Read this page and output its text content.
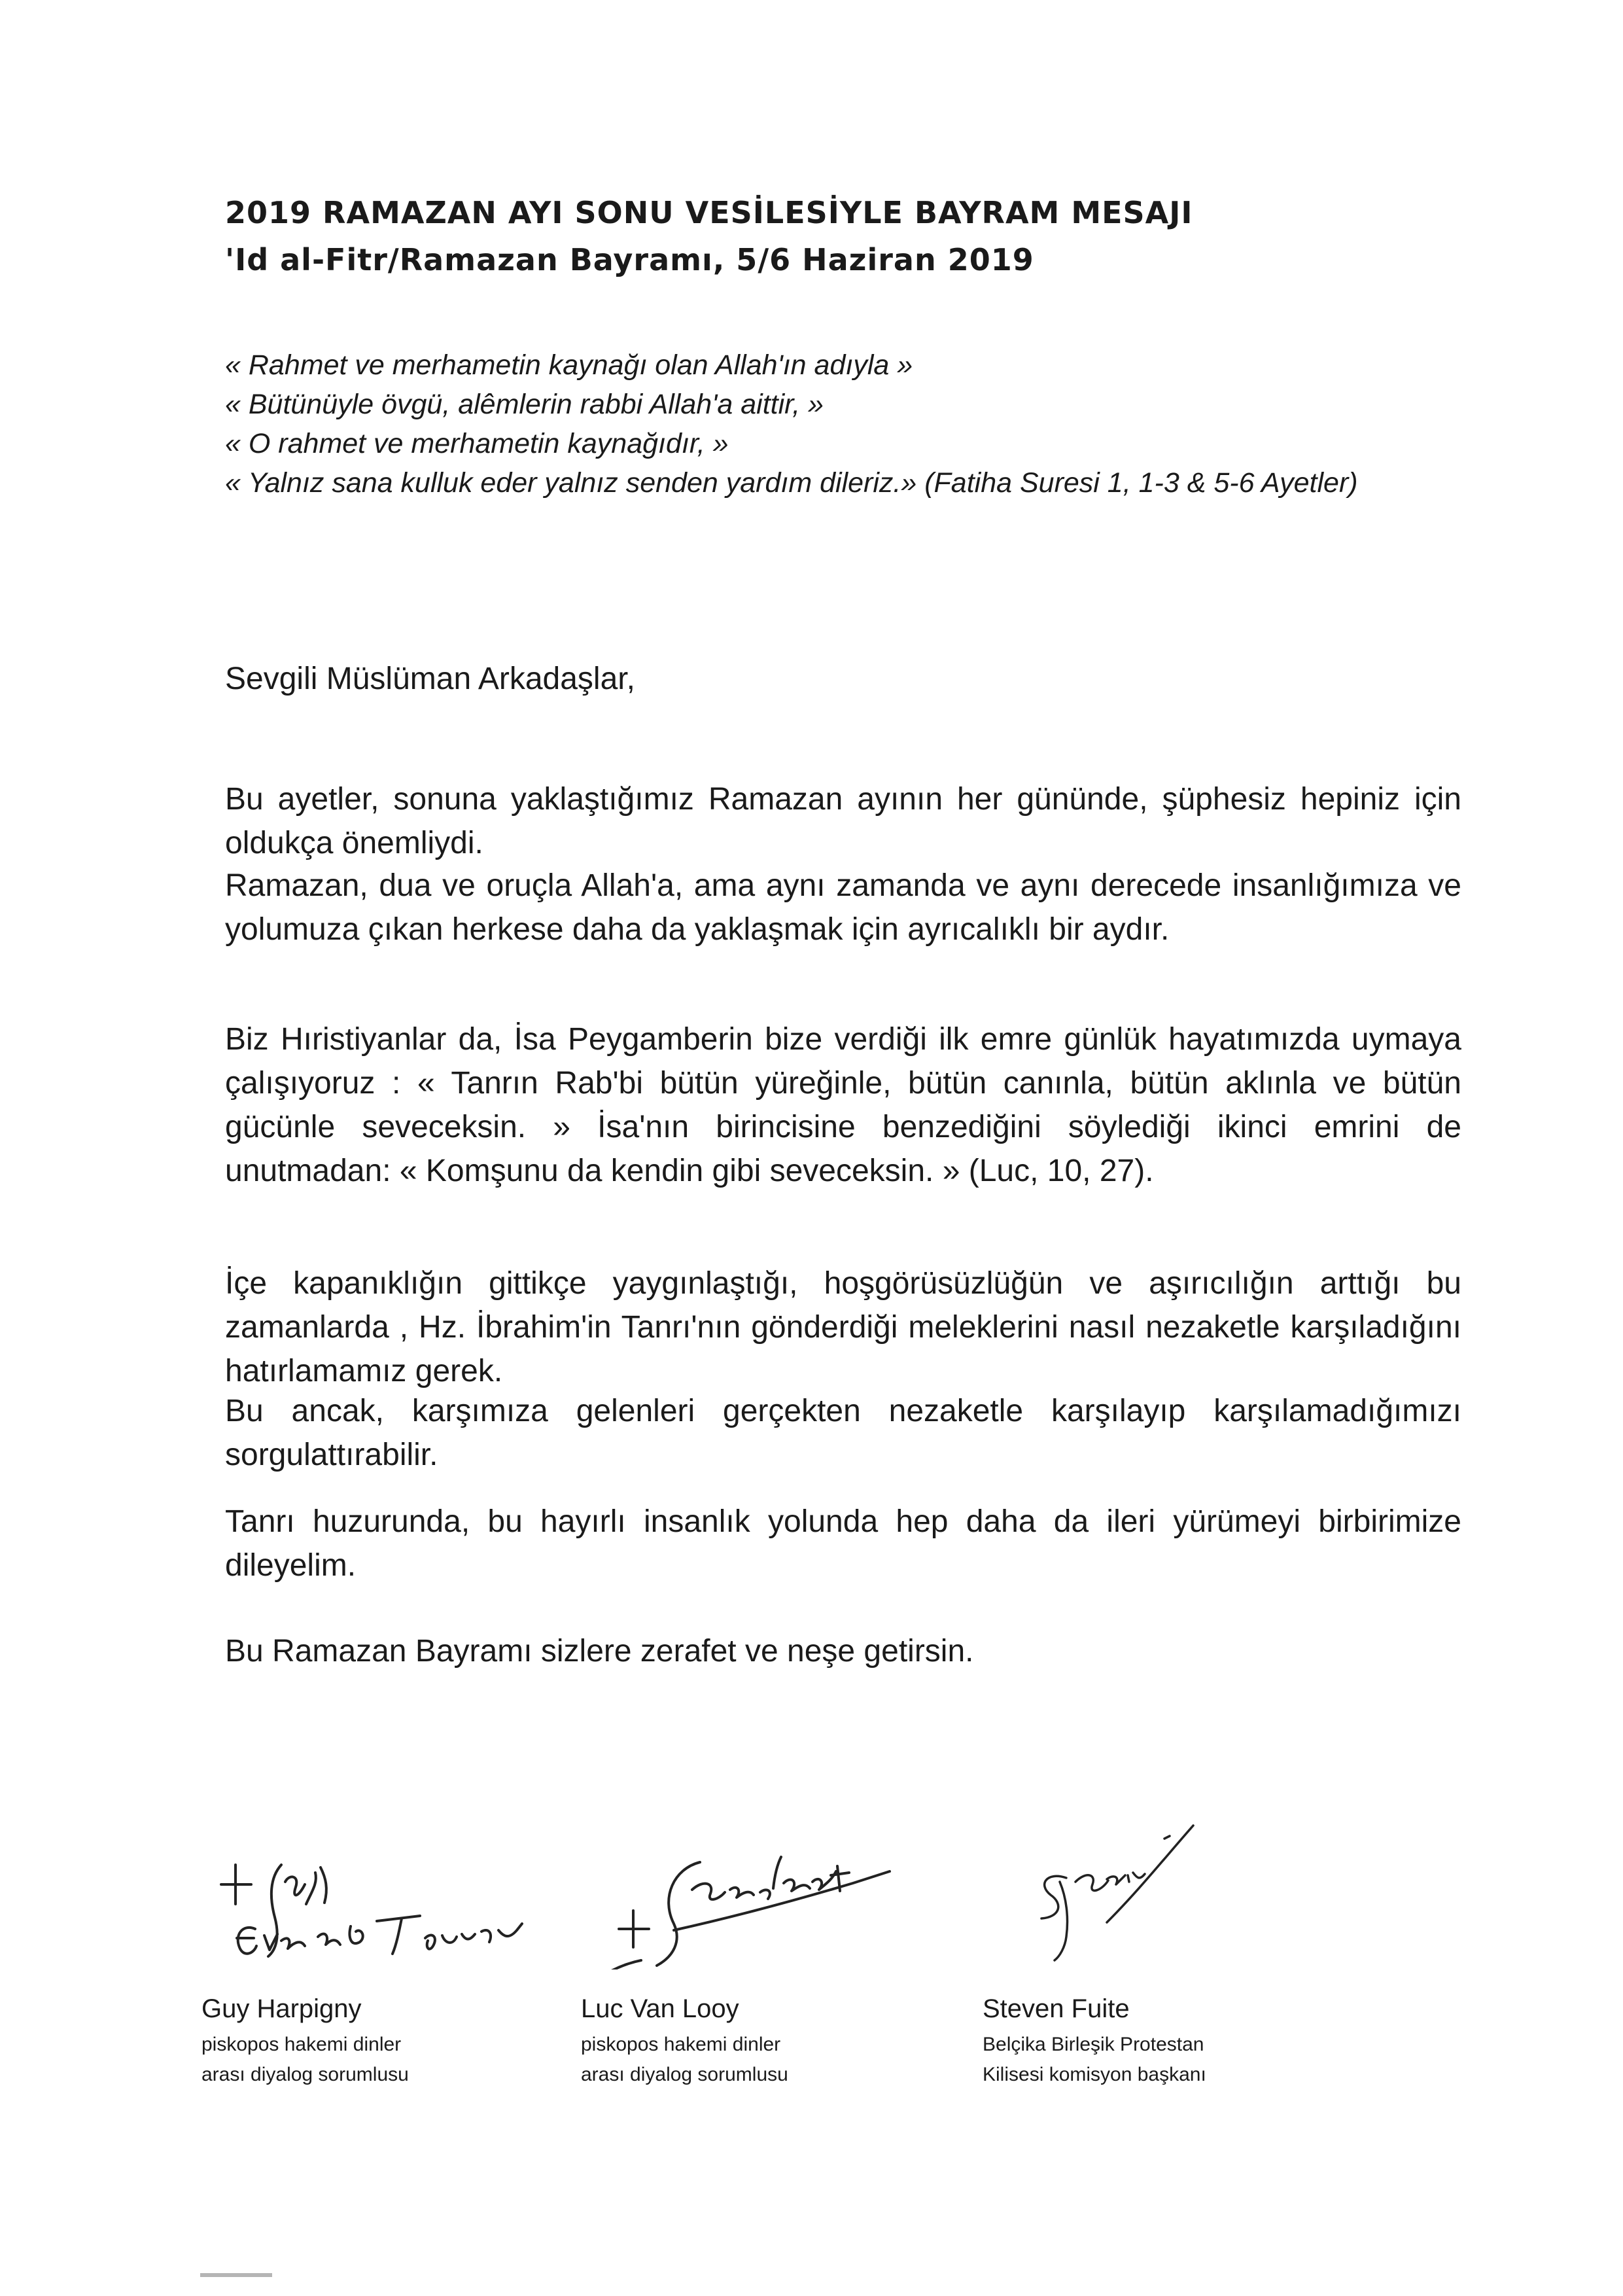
2019 RAMAZAN AYI SONU VESİLESİYLE BAYRAM MESAJI
'Id al-Fitr/Ramazan Bayramı, 5/6 Haziran 2019
« Rahmet ve merhametin kaynağı olan Allah'ın adıyla »
« Bütünüyle övgü, alêmlerin rabbi Allah'a aittir, »
« O rahmet ve merhametin kaynağıdır, »
« Yalnız sana kulluk eder yalnız senden yardım dileriz.» (Fatiha Suresi 1, 1-3 & 5-6 Ayetler)

Sevgili Müslüman Arkadaşlar,

Bu ayetler, sonuna yaklaştığımız Ramazan ayının her gününde, şüphesiz hepiniz için oldukça önemliydi.

Ramazan, dua ve oruçla Allah'a, ama aynı zamanda ve aynı derecede insanlığımıza ve yolumuza çıkan herkese daha da yaklaşmak için ayrıcalıklı bir aydır.

Biz Hıristiyanlar da, İsa Peygamberin bize verdiği ilk emre günlük hayatımızda uymaya çalışıyoruz : « Tanrın Rab'bi bütün yüreğinle, bütün canınla, bütün aklınla ve bütün gücünle seveceksin. » İsa'nın birincisine benzediğini söylediği ikinci emrini de unutmadan: « Komşunu da kendin gibi seveceksin. » (Luc, 10, 27).

İçe kapanıklığın gittikçe yaygınlaştığı, hoşgörüsüzlüğün ve aşırıcılığın arttığı bu zamanlarda , Hz. İbrahim'in Tanrı'nın gönderdiği meleklerini nasıl nezaketle karşıladığını hatırlamamız gerek.

Bu ancak, karşımıza gelenleri gerçekten nezaketle karşılayıp karşılamadığımızı sorgulattırabilir.

Tanrı huzurunda, bu hayırlı insanlık yolunda hep daha da ileri yürümeyi birbirimize dileyelim.

Bu Ramazan Bayramı sizlere zerafet ve neşe getirsin.

Guy Harpigny
piskopos hakemi dinler
arası diyalog sorumlusu
Luc Van Looy
piskopos hakemi dinler
arası diyalog sorumlusu
Steven Fuite
Belçika Birleşik Protestan
Kilisesi komisyon başkanı
